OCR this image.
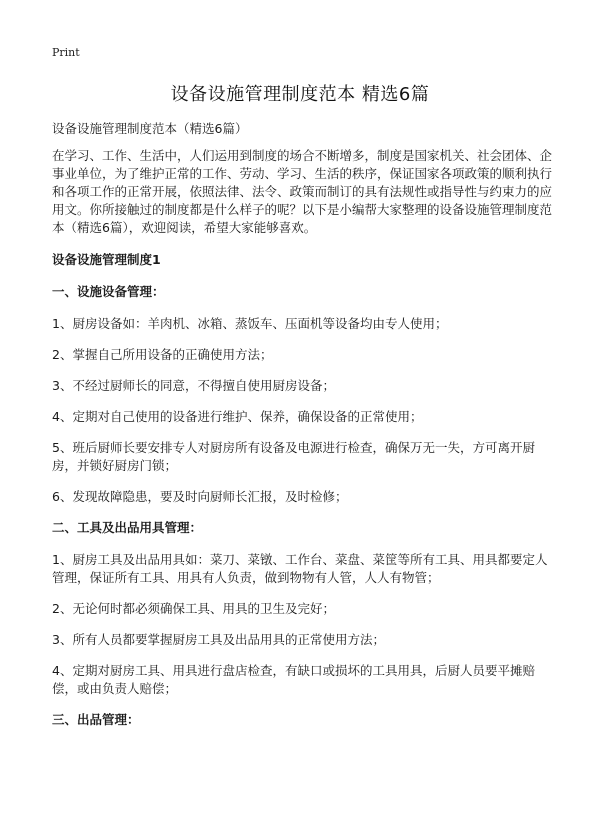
Print
设备设施管理制度范本 精选6篇

设备设施管理制度范本（精选6篇）

在学习、工作、生活中，人们运用到制度的场合不断增多，制度是国家机关、社会团体、企事业单位，为了维护正常的工作、劳动、学习、生活的秩序，保证国家各项政策的顺利执行和各项工作的正常开展，依照法律、法令、政策而制订的具有法规性或指导性与约束力的应用文。你所接触过的制度都是什么样子的呢？以下是小编帮大家整理的设备设施管理制度范本（精选6篇），欢迎阅读，希望大家能够喜欢。

设备设施管理制度1

一、设施设备管理：

1、厨房设备如：羊肉机、冰箱、蒸饭车、压面机等设备均由专人使用；

2、掌握自己所用设备的正确使用方法；

3、不经过厨师长的同意，不得擅自使用厨房设备；

4、定期对自己使用的设备进行维护、保养，确保设备的正常使用；

5、班后厨师长要安排专人对厨房所有设备及电源进行检查，确保万无一失，方可离开厨房，并锁好厨房门锁；

6、发现故障隐患，要及时向厨师长汇报，及时检修；

二、工具及出品用具管理：

1、厨房工具及出品用具如：菜刀、菜镦、工作台、菜盘、菜筐等所有工具、用具都要定人管理，保证所有工具、用具有人负责，做到物物有人管，人人有物管；

2、无论何时都必须确保工具、用具的卫生及完好；

3、所有人员都要掌握厨房工具及出品用具的正常使用方法；

4、定期对厨房工具、用具进行盘店检查，有缺口或损坏的工具用具，后厨人员要平摊赔偿，或由负责人赔偿；

三、出品管理：
